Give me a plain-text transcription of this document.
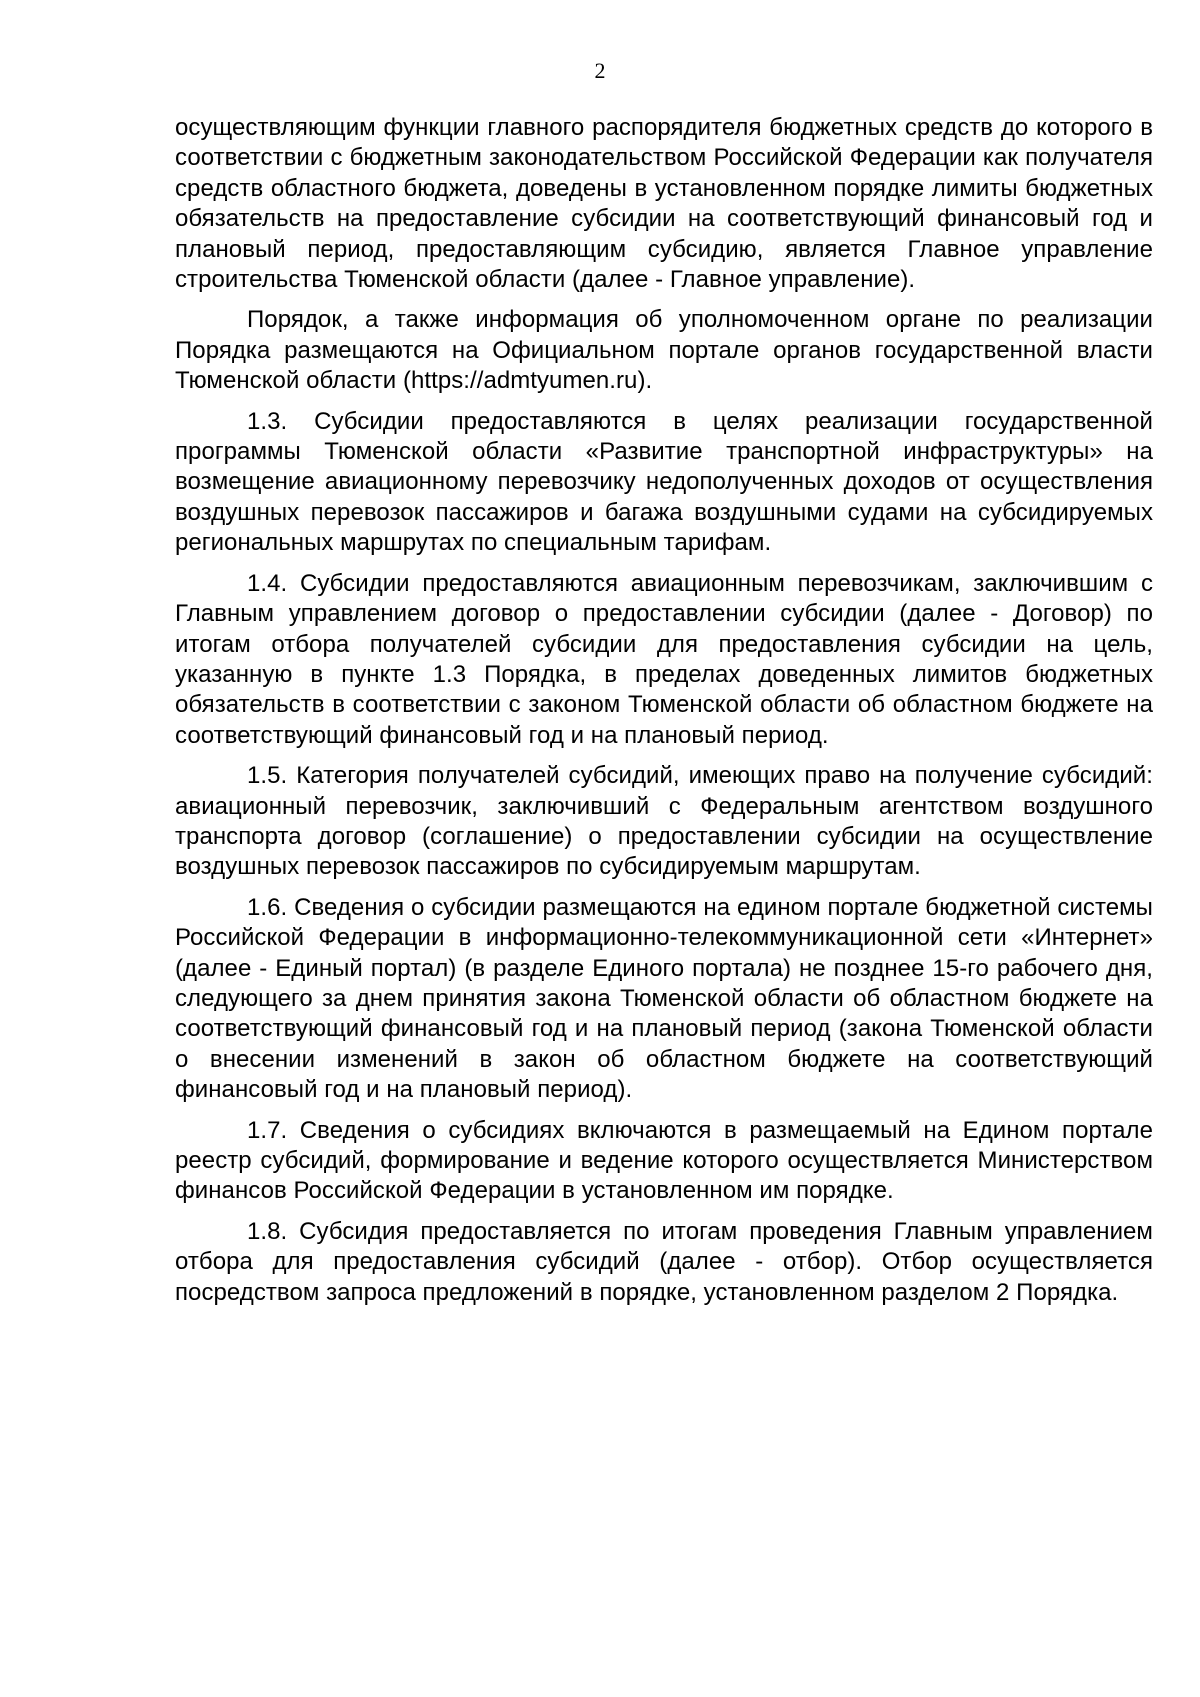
2

осуществляющим функции главного распорядителя бюджетных средств до которого в соответствии с бюджетным законодательством Российской Федерации как получателя средств областного бюджета, доведены в установленном порядке лимиты бюджетных обязательств на предоставление субсидии на соответствующий финансовый год и плановый период, предоставляющим субсидию, является Главное управление строительства Тюменской области (далее - Главное управление).

Порядок, а также информация об уполномоченном органе по реализации Порядка размещаются на Официальном портале органов государственной власти Тюменской области (https://admtyumen.ru).

1.3. Субсидии предоставляются в целях реализации государственной программы Тюменской области «Развитие транспортной инфраструктуры» на возмещение авиационному перевозчику недополученных доходов от осуществления воздушных перевозок пассажиров и багажа воздушными судами на субсидируемых региональных маршрутах по специальным тарифам.

1.4. Субсидии предоставляются авиационным перевозчикам, заключившим с Главным управлением договор о предоставлении субсидии (далее - Договор) по итогам отбора получателей субсидии для предоставления субсидии на цель, указанную в пункте 1.3 Порядка, в пределах доведенных лимитов бюджетных обязательств в соответствии с законом Тюменской области об областном бюджете на соответствующий финансовый год и на плановый период.

1.5. Категория получателей субсидий, имеющих право на получение субсидий: авиационный перевозчик, заключивший с Федеральным агентством воздушного транспорта договор (соглашение) о предоставлении субсидии на осуществление воздушных перевозок пассажиров по субсидируемым маршрутам.

1.6. Сведения о субсидии размещаются на едином портале бюджетной системы Российской Федерации в информационно-телекоммуникационной сети «Интернет» (далее - Единый портал) (в разделе Единого портала) не позднее 15-го рабочего дня, следующего за днем принятия закона Тюменской области об областном бюджете на соответствующий финансовый год и на плановый период (закона Тюменской области о внесении изменений в закон об областном бюджете на соответствующий финансовый год и на плановый период).

1.7. Сведения о субсидиях включаются в размещаемый на Едином портале реестр субсидий, формирование и ведение которого осуществляется Министерством финансов Российской Федерации в установленном им порядке.

1.8. Субсидия предоставляется по итогам проведения Главным управлением отбора для предоставления субсидий (далее - отбор). Отбор осуществляется посредством запроса предложений в порядке, установленном разделом 2 Порядка.
